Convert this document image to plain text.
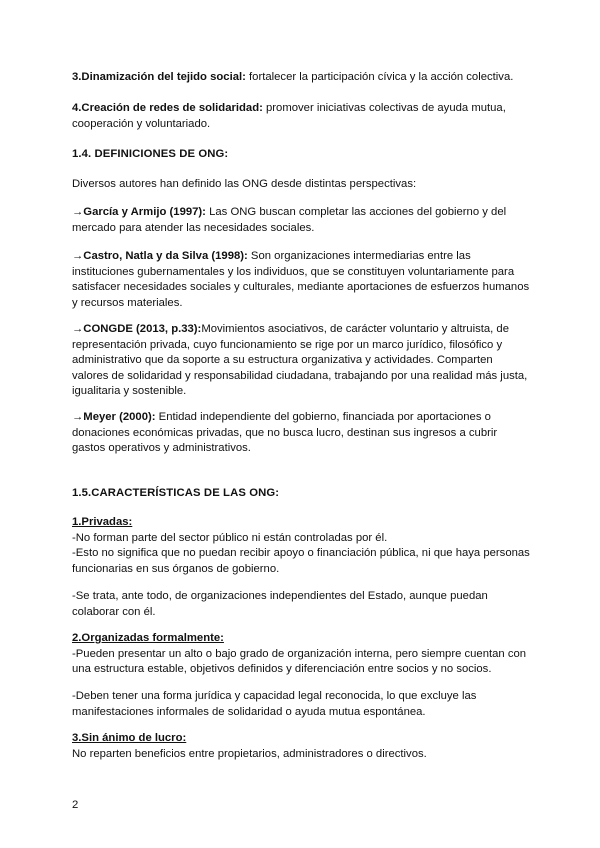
3.Dinamización del tejido social: fortalecer la participación cívica y la acción colectiva.

4.Creación de redes de solidaridad: promover iniciativas colectivas de ayuda mutua, cooperación y voluntariado.

1.4. DEFINICIONES DE ONG:

Diversos autores han definido las ONG desde distintas perspectivas:

→García y Armijo (1997): Las ONG buscan completar las acciones del gobierno y del mercado para atender las necesidades sociales.

→Castro, Natla y da Silva (1998): Son organizaciones intermediarias entre las instituciones gubernamentales y los individuos, que se constituyen voluntariamente para satisfacer necesidades sociales y culturales, mediante aportaciones de esfuerzos humanos y recursos materiales.

→CONGDE (2013, p.33):Movimientos asociativos, de carácter voluntario y altruista, de representación privada, cuyo funcionamiento se rige por un marco jurídico, filosófico y administrativo que da soporte a su estructura organizativa y actividades. Comparten valores de solidaridad y responsabilidad ciudadana, trabajando por una realidad más justa, igualitaria y sostenible.

→Meyer (2000): Entidad independiente del gobierno, financiada por aportaciones o donaciones económicas privadas, que no busca lucro, destinan sus ingresos a cubrir gastos operativos y administrativos.

1.5.CARACTERÍSTICAS DE LAS ONG:

1.Privadas:
-No forman parte del sector público ni están controladas por él.
-Esto no significa que no puedan recibir apoyo o financiación pública, ni que haya personas funcionarias en sus órganos de gobierno.

-Se trata, ante todo, de organizaciones independientes del Estado, aunque puedan colaborar con él.

2.Organizadas formalmente:
-Pueden presentar un alto o bajo grado de organización interna, pero siempre cuentan con una estructura estable, objetivos definidos y diferenciación entre socios y no socios.

-Deben tener una forma jurídica y capacidad legal reconocida, lo que excluye las manifestaciones informales de solidaridad o ayuda mutua espontánea.

3.Sin ánimo de lucro:
No reparten beneficios entre propietarios, administradores o directivos.
2
